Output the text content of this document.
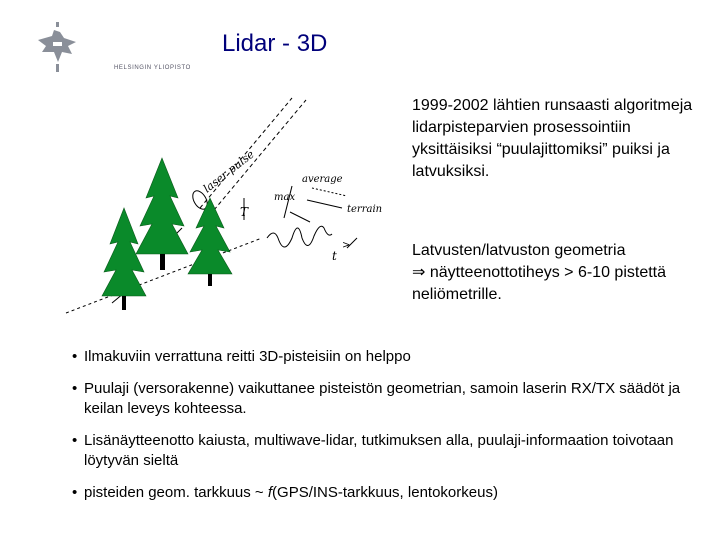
HELSINGIN YLIOPISTO
Lidar - 3D
laser pulse	average
max
terrain
t
T
>
1999-2002 lähtien runsaasti algoritmeja lidarpisteparvien prosessointiin yksittäisiksi “puulajittomiksi” puiksi ja latvuksiksi.
Latvusten/latvuston geometria
⇒ näytteenottotiheys > 6-10 pistettä neliömetrille.
• Ilmakuviin verrattuna reitti 3D-pisteisiin on helppo
• Puulaji (versorakenne) vaikuttanee pisteistön geometrian, samoin laserin RX/TX säädöt ja keilan leveys kohteessa.
• Lisänäytteenotto kaiusta, multiwave-lidar, tutkimuksen alla, puulaji-informaation toivotaan löytyvän sieltä
• pisteiden geom. tarkkuus ~ f(GPS/INS-tarkkuus, lentokorkeus)
